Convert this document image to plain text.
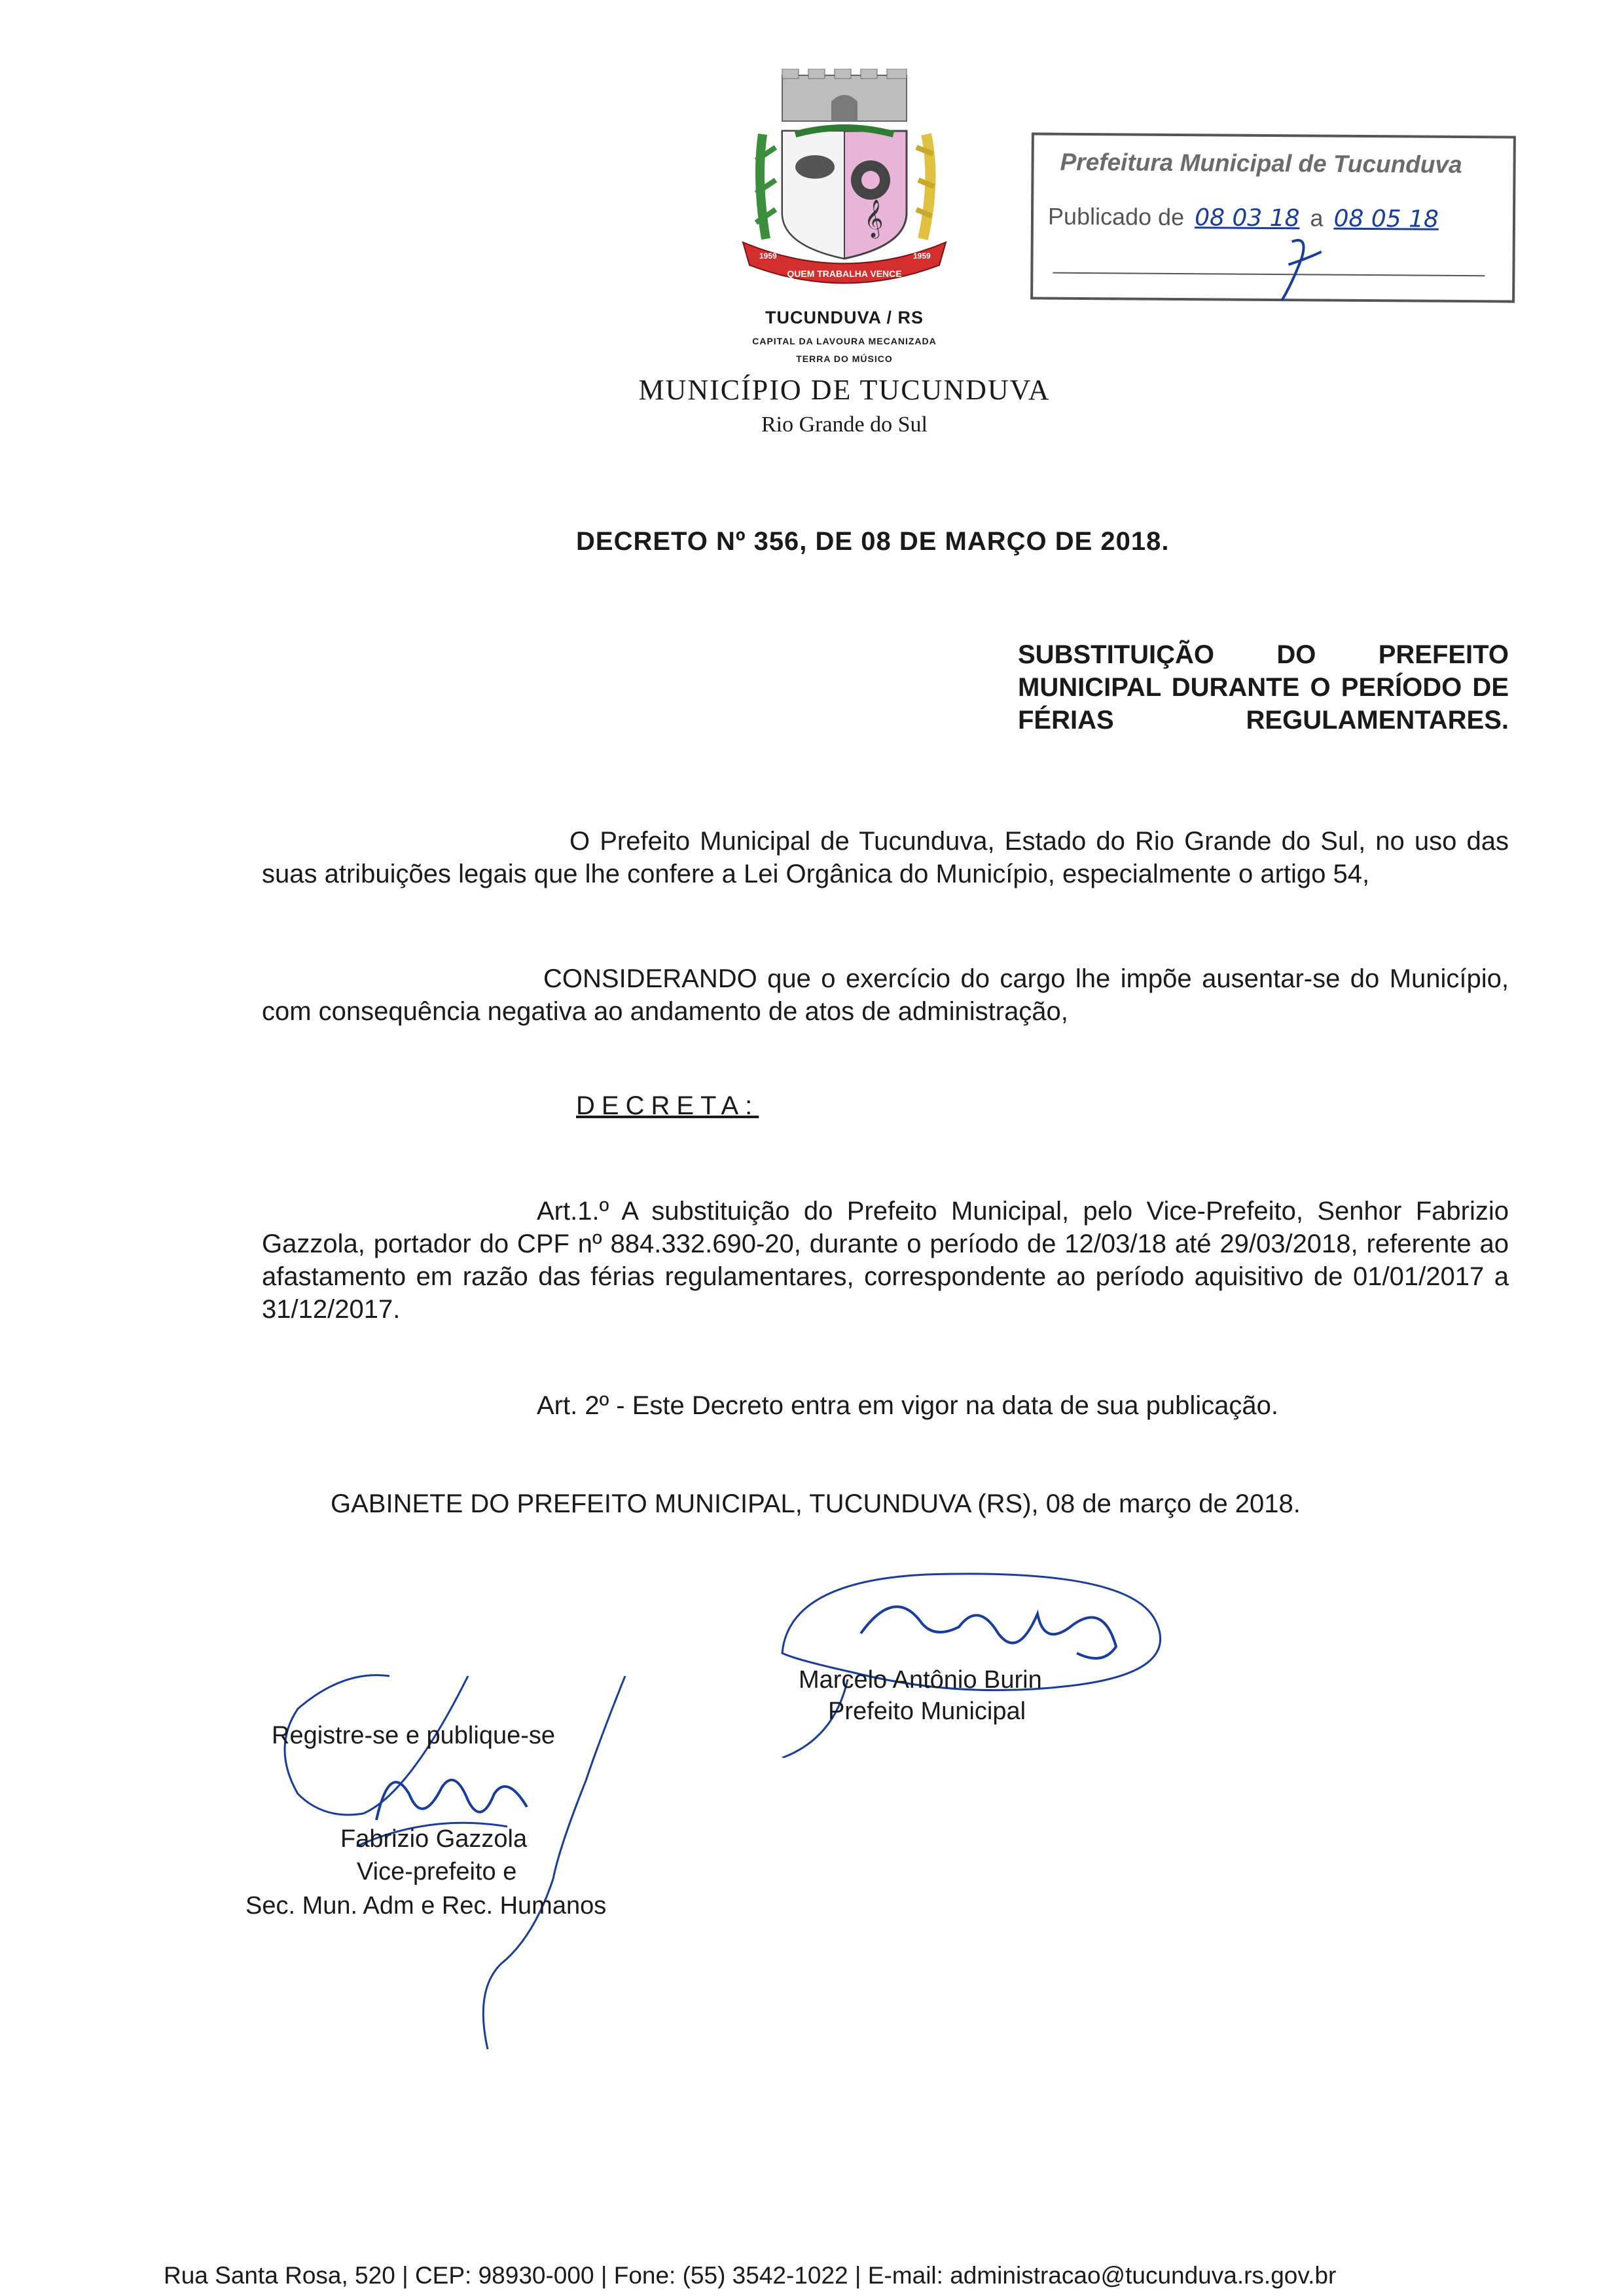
𝄞
QUEM TRABALHA VENCE
1959	1959
TUCUNDUVA / RS
CAPITAL DA LAVOURA MECANIZADA
TERRA DO MÚSICO
MUNICÍPIO DE TUCUNDUVA
Rio Grande do Sul
Prefeitura Municipal de Tucunduva
Publicado de 08 03 18 a 08 05 18
DECRETO Nº 356, DE 08 DE MARÇO DE 2018.
SUBSTITUIÇÃO DO PREFEITO MUNICIPAL DURANTE O PERÍODO DE FÉRIAS REGULAMENTARES.
O Prefeito Municipal de Tucunduva, Estado do Rio Grande do Sul, no uso das suas atribuições legais que lhe confere a Lei Orgânica do Município, especialmente o artigo 54,
CONSIDERANDO que o exercício do cargo lhe impõe ausentar-se do Município, com consequência negativa ao andamento de atos de administração,
DECRETA:
Art.1.º A substituição do Prefeito Municipal, pelo Vice-Prefeito, Senhor Fabrizio Gazzola, portador do CPF nº 884.332.690-20, durante o período de 12/03/18 até 29/03/2018, referente ao afastamento em razão das férias regulamentares, correspondente ao período aquisitivo de 01/01/2017 a 31/12/2017.
Art. 2º - Este Decreto entra em vigor na data de sua publicação.
GABINETE DO PREFEITO MUNICIPAL, TUCUNDUVA (RS), 08 de março de 2018.
Marcelo Antônio Burin
Prefeito Municipal
Registre-se e publique-se
Fabrizio Gazzola
Vice-prefeito e
Sec. Mun. Adm e Rec. Humanos
Rua Santa Rosa, 520 | CEP: 98930-000 | Fone: (55) 3542-1022 | E-mail: administracao@tucunduva.rs.gov.br
